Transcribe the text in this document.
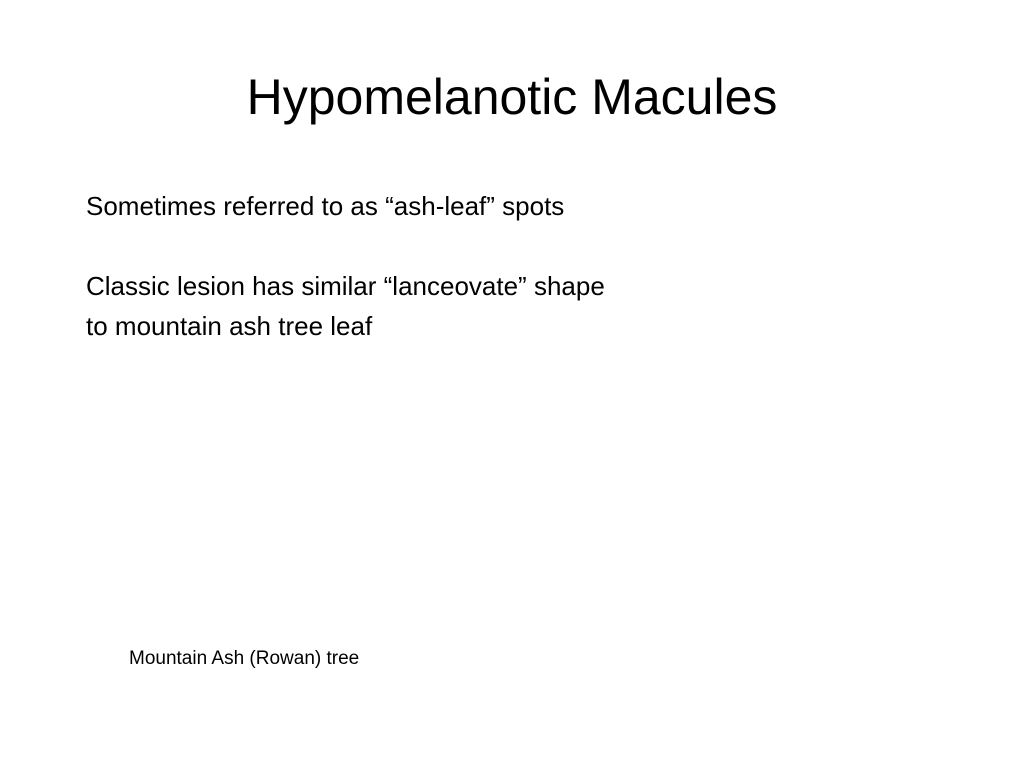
Hypomelanotic Macules

Sometimes referred to as “ash-leaf” spots

Classic lesion has similar “lanceovate” shape
to mountain ash tree leaf

Mountain Ash (Rowan) tree
